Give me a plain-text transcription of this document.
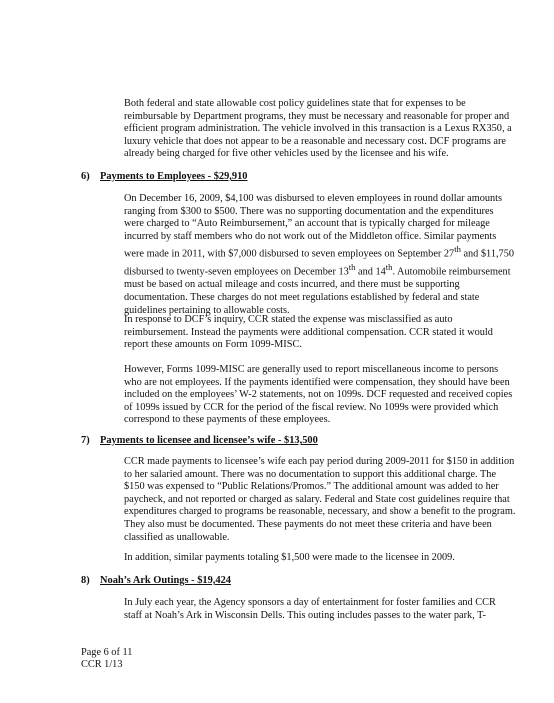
Both federal and state allowable cost policy guidelines state that for expenses to be reimbursable by Department programs, they must be necessary and reasonable for proper and efficient program administration. The vehicle involved in this transaction is a Lexus RX350, a luxury vehicle that does not appear to be a reasonable and necessary cost. DCF programs are already being charged for five other vehicles used by the licensee and his wife.

6) Payments to Employees - $29,910

On December 16, 2009, $4,100 was disbursed to eleven employees in round dollar amounts ranging from $300 to $500. There was no supporting documentation and the expenditures were charged to “Auto Reimbursement,” an account that is typically charged for mileage incurred by staff members who do not work out of the Middleton office. Similar payments were made in 2011, with $7,000 disbursed to seven employees on September 27th and $11,750 disbursed to twenty-seven employees on December 13th and 14th. Automobile reimbursement must be based on actual mileage and costs incurred, and there must be supporting documentation. These charges do not meet regulations established by federal and state guidelines pertaining to allowable costs.

In response to DCF’s inquiry, CCR stated the expense was misclassified as auto reimbursement. Instead the payments were additional compensation. CCR stated it would report these amounts on Form 1099-MISC.

However, Forms 1099-MISC are generally used to report miscellaneous income to persons who are not employees. If the payments identified were compensation, they should have been included on the employees’ W-2 statements, not on 1099s. DCF requested and received copies of 1099s issued by CCR for the period of the fiscal review. No 1099s were provided which correspond to these payments of these employees.

7) Payments to licensee and licensee’s wife - $13,500

CCR made payments to licensee’s wife each pay period during 2009-2011 for $150 in addition to her salaried amount. There was no documentation to support this additional charge. The $150 was expensed to “Public Relations/Promos.” The additional amount was added to her paycheck, and not reported or charged as salary. Federal and State cost guidelines require that expenditures charged to programs be reasonable, necessary, and show a benefit to the program. They also must be documented. These payments do not meet these criteria and have been classified as unallowable.

In addition, similar payments totaling $1,500 were made to the licensee in 2009.

8) Noah’s Ark Outings - $19,424

In July each year, the Agency sponsors a day of entertainment for foster families and CCR staff at Noah’s Ark in Wisconsin Dells. This outing includes passes to the water park, T-

Page 6 of 11
CCR 1/13
